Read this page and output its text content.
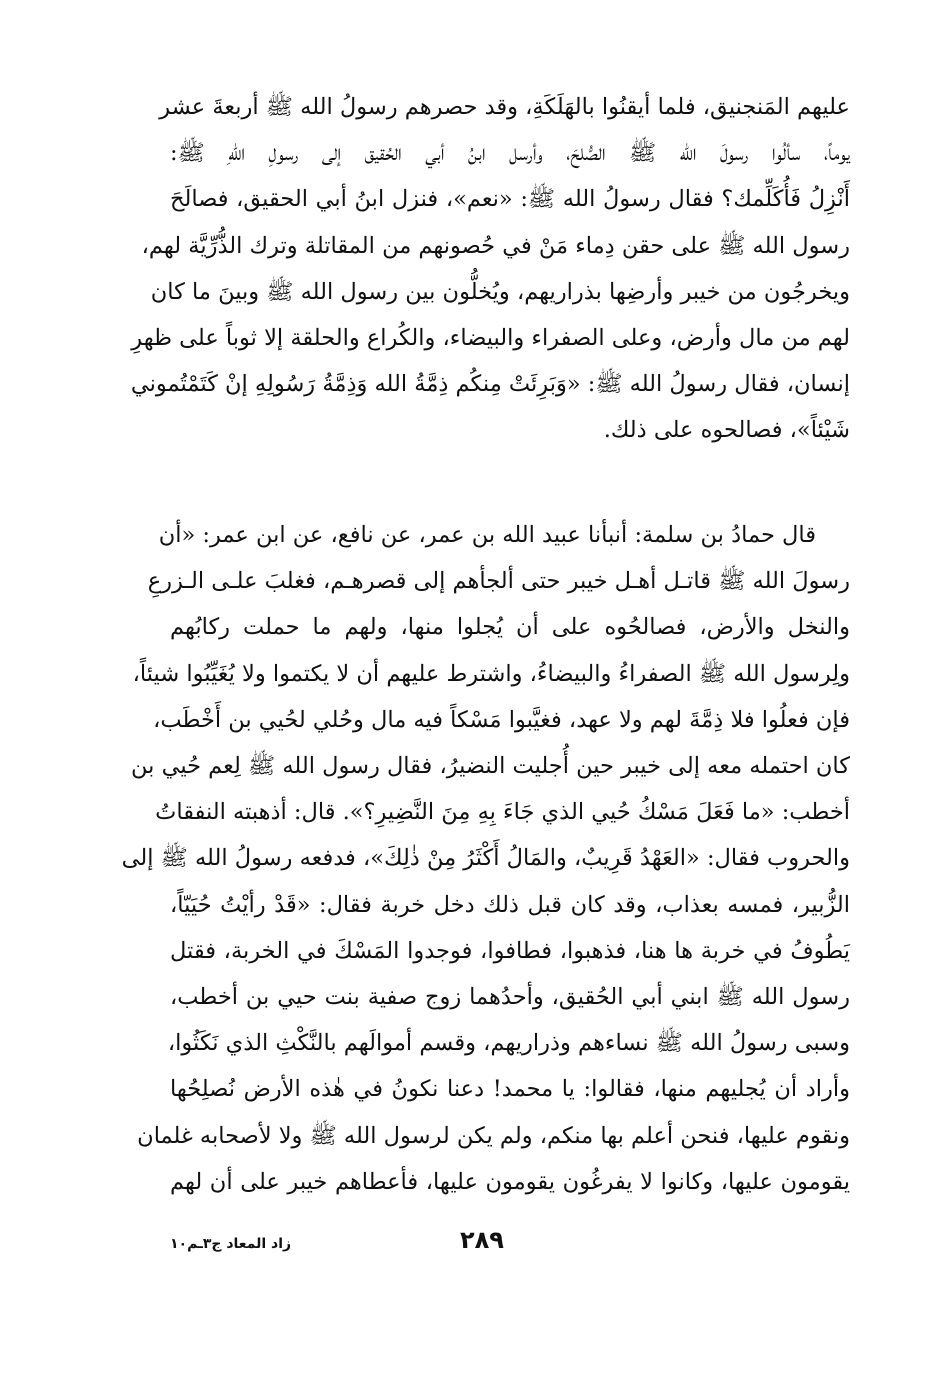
عليهم المَنجنيق، فلما أيقنُوا بالهَلَكَةِ، وقد حصرهم رسولُ الله ﷺ أربعةَ عشر
يوماً، سألُوا رسولَ الله ﷺ الصُّلحَ، وأرسل ابنُ أبي الحُقيق إلى رسولِ اللّهِ ﷺ:
أَنْزِلُ فَأُكَلِّمك؟ فقال رسولُ الله ﷺ: «نعم»، فنزل ابنُ أبي الحقيق، فصالَحَ
رسول الله ﷺ على حقن دِماء مَنْ في حُصونهم من المقاتلة وترك الذُّرِّيَّة لهم،
ويخرجُون من خيبر وأرضِها بذراريهم، ويُخلُّون بين رسول الله ﷺ وبينَ ما كان
لهم من مال وأرض، وعلى الصفراء والبيضاء، والكُراع والحلقة إلا ثوباً على ظهرِ
إنسان، فقال رسولُ الله ﷺ: «وَبَرِئَتْ مِنكُم ذِمَّةُ الله وَذِمَّةُ رَسُولِهِ إنْ كَتَمْتُموني
شَيْئاً»، فصالحوه على ذلك.

قال حمادُ بن سلمة: أنبأنا عبيد الله بن عمر، عن نافع، عن ابن عمر: «أن
رسولَ الله ﷺ قاتـل أهـل خيبر حتى ألجأهم إلى قصرهـم، فغلبَ علـى الـزرعِ
والنخل والأرض، فصالحُوه على أن يُجلوا منها، ولهم ما حملت ركابُهم
ولِرسول الله ﷺ الصفراءُ والبيضاءُ، واشترط عليهم أن لا يكتموا ولا يُغَيِّبُوا شيئاً،
فإن فعلُوا فلا ذِمَّةَ لهم ولا عهد، فغيَّبوا مَسْكاً فيه مال وحُلي لحُيي بن أَخْطَب،
كان احتمله معه إلى خيبر حين أُجليت النضيرُ، فقال رسول الله ﷺ لِعم حُيي بن
أخطب: «ما فَعَلَ مَسْكُ حُيي الذي جَاءَ بِهِ مِنَ النَّضِيرِ؟». قال: أذهبته النفقاتُ
والحروب فقال: «العَهْدُ قَرِيبٌ، والمَالُ أَكْثَرُ مِنْ ذٰلِكَ»، فدفعه رسولُ الله ﷺ إلى
الزُّبير، فمسه بعذاب، وقد كان قبل ذلك دخل خربة فقال: «قَدْ رأيْتُ حُيَيّاً،
يَطُوفُ في خربة ها هنا، فذهبوا، فطافوا، فوجدوا المَسْكَ في الخربة، فقتل
رسول الله ﷺ ابني أبي الحُقيق، وأحدُهما زوج صفية بنت حيي بن أخطب،
وسبى رسولُ الله ﷺ نساءهم وذراريهم، وقسم أموالَهم بالنَّكْثِ الذي نَكَثُوا،
وأراد أن يُجليهم منها، فقالوا: يا محمد! دعنا نكونُ في هٰذه الأرض نُصلِحُها
ونقوم عليها، فنحن أعلم بها منكم، ولم يكن لرسول الله ﷺ ولا لأصحابه غلمان
يقومون عليها، وكانوا لا يفرغُون يقومون عليها، فأعطاهم خيبر على أن لهم

٢٨٩
زاد المعاد ج٣ـم١٠
